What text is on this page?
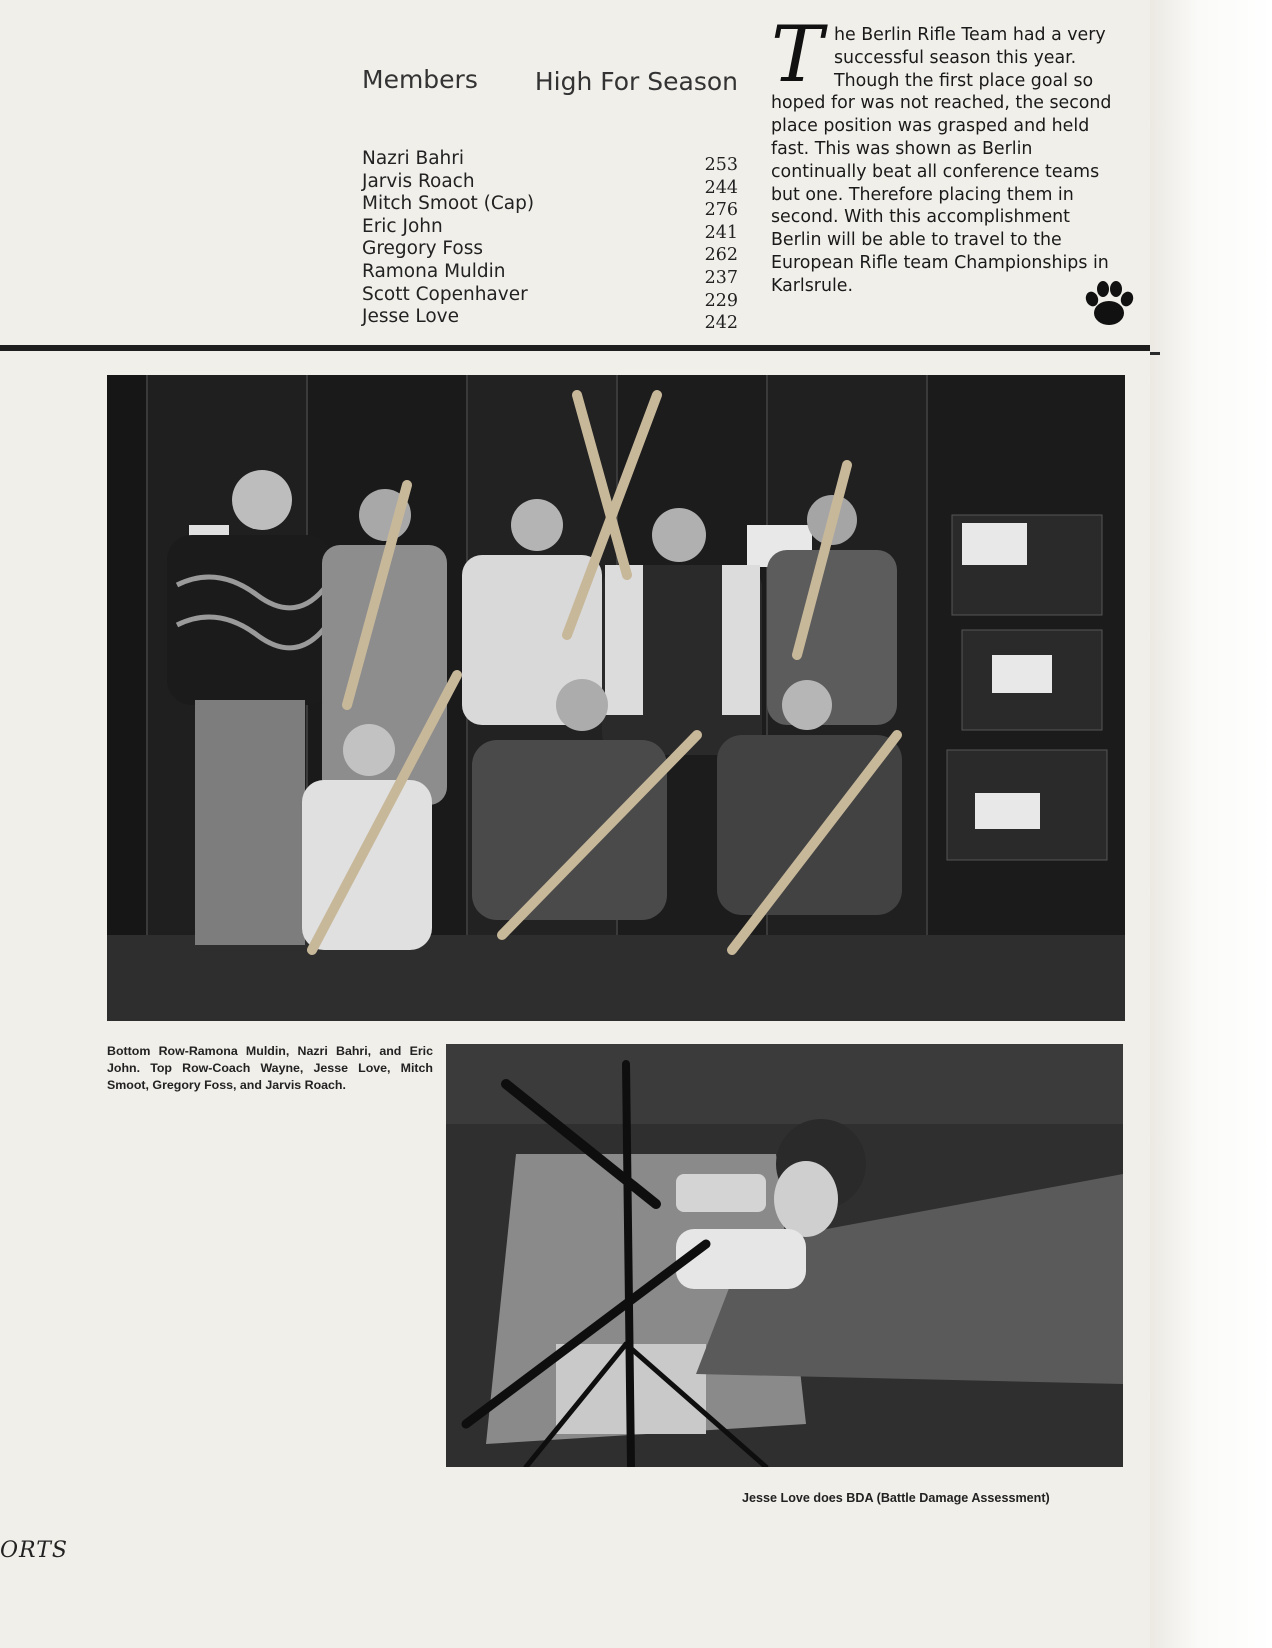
Members High For Season
Nazri Bahri	253
Jarvis Roach	244
Mitch Smoot (Cap)	276
Eric John	241
Gregory Foss	262
Ramona Muldin	237
Scott Copenhaver	229
Jesse Love	242
T he Berlin Rifle Team had a very
successful season this year.
Though the first place goal so
hoped for was not reached, the second
place position was grasped and held
fast. This was shown as Berlin
continually beat all conference teams
but one. Therefore placing them in
second. With this accomplishment
Berlin will be able to travel to the
European Rifle team Championships in
Karlsrule.
Bottom Row-Ramona Muldin, Nazri Bahri, and Eric John. Top Row-Coach Wayne, Jesse Love, Mitch Smoot, Gregory Foss, and Jarvis Roach.
Jesse Love does BDA (Battle Damage Assessment)
ORTS
